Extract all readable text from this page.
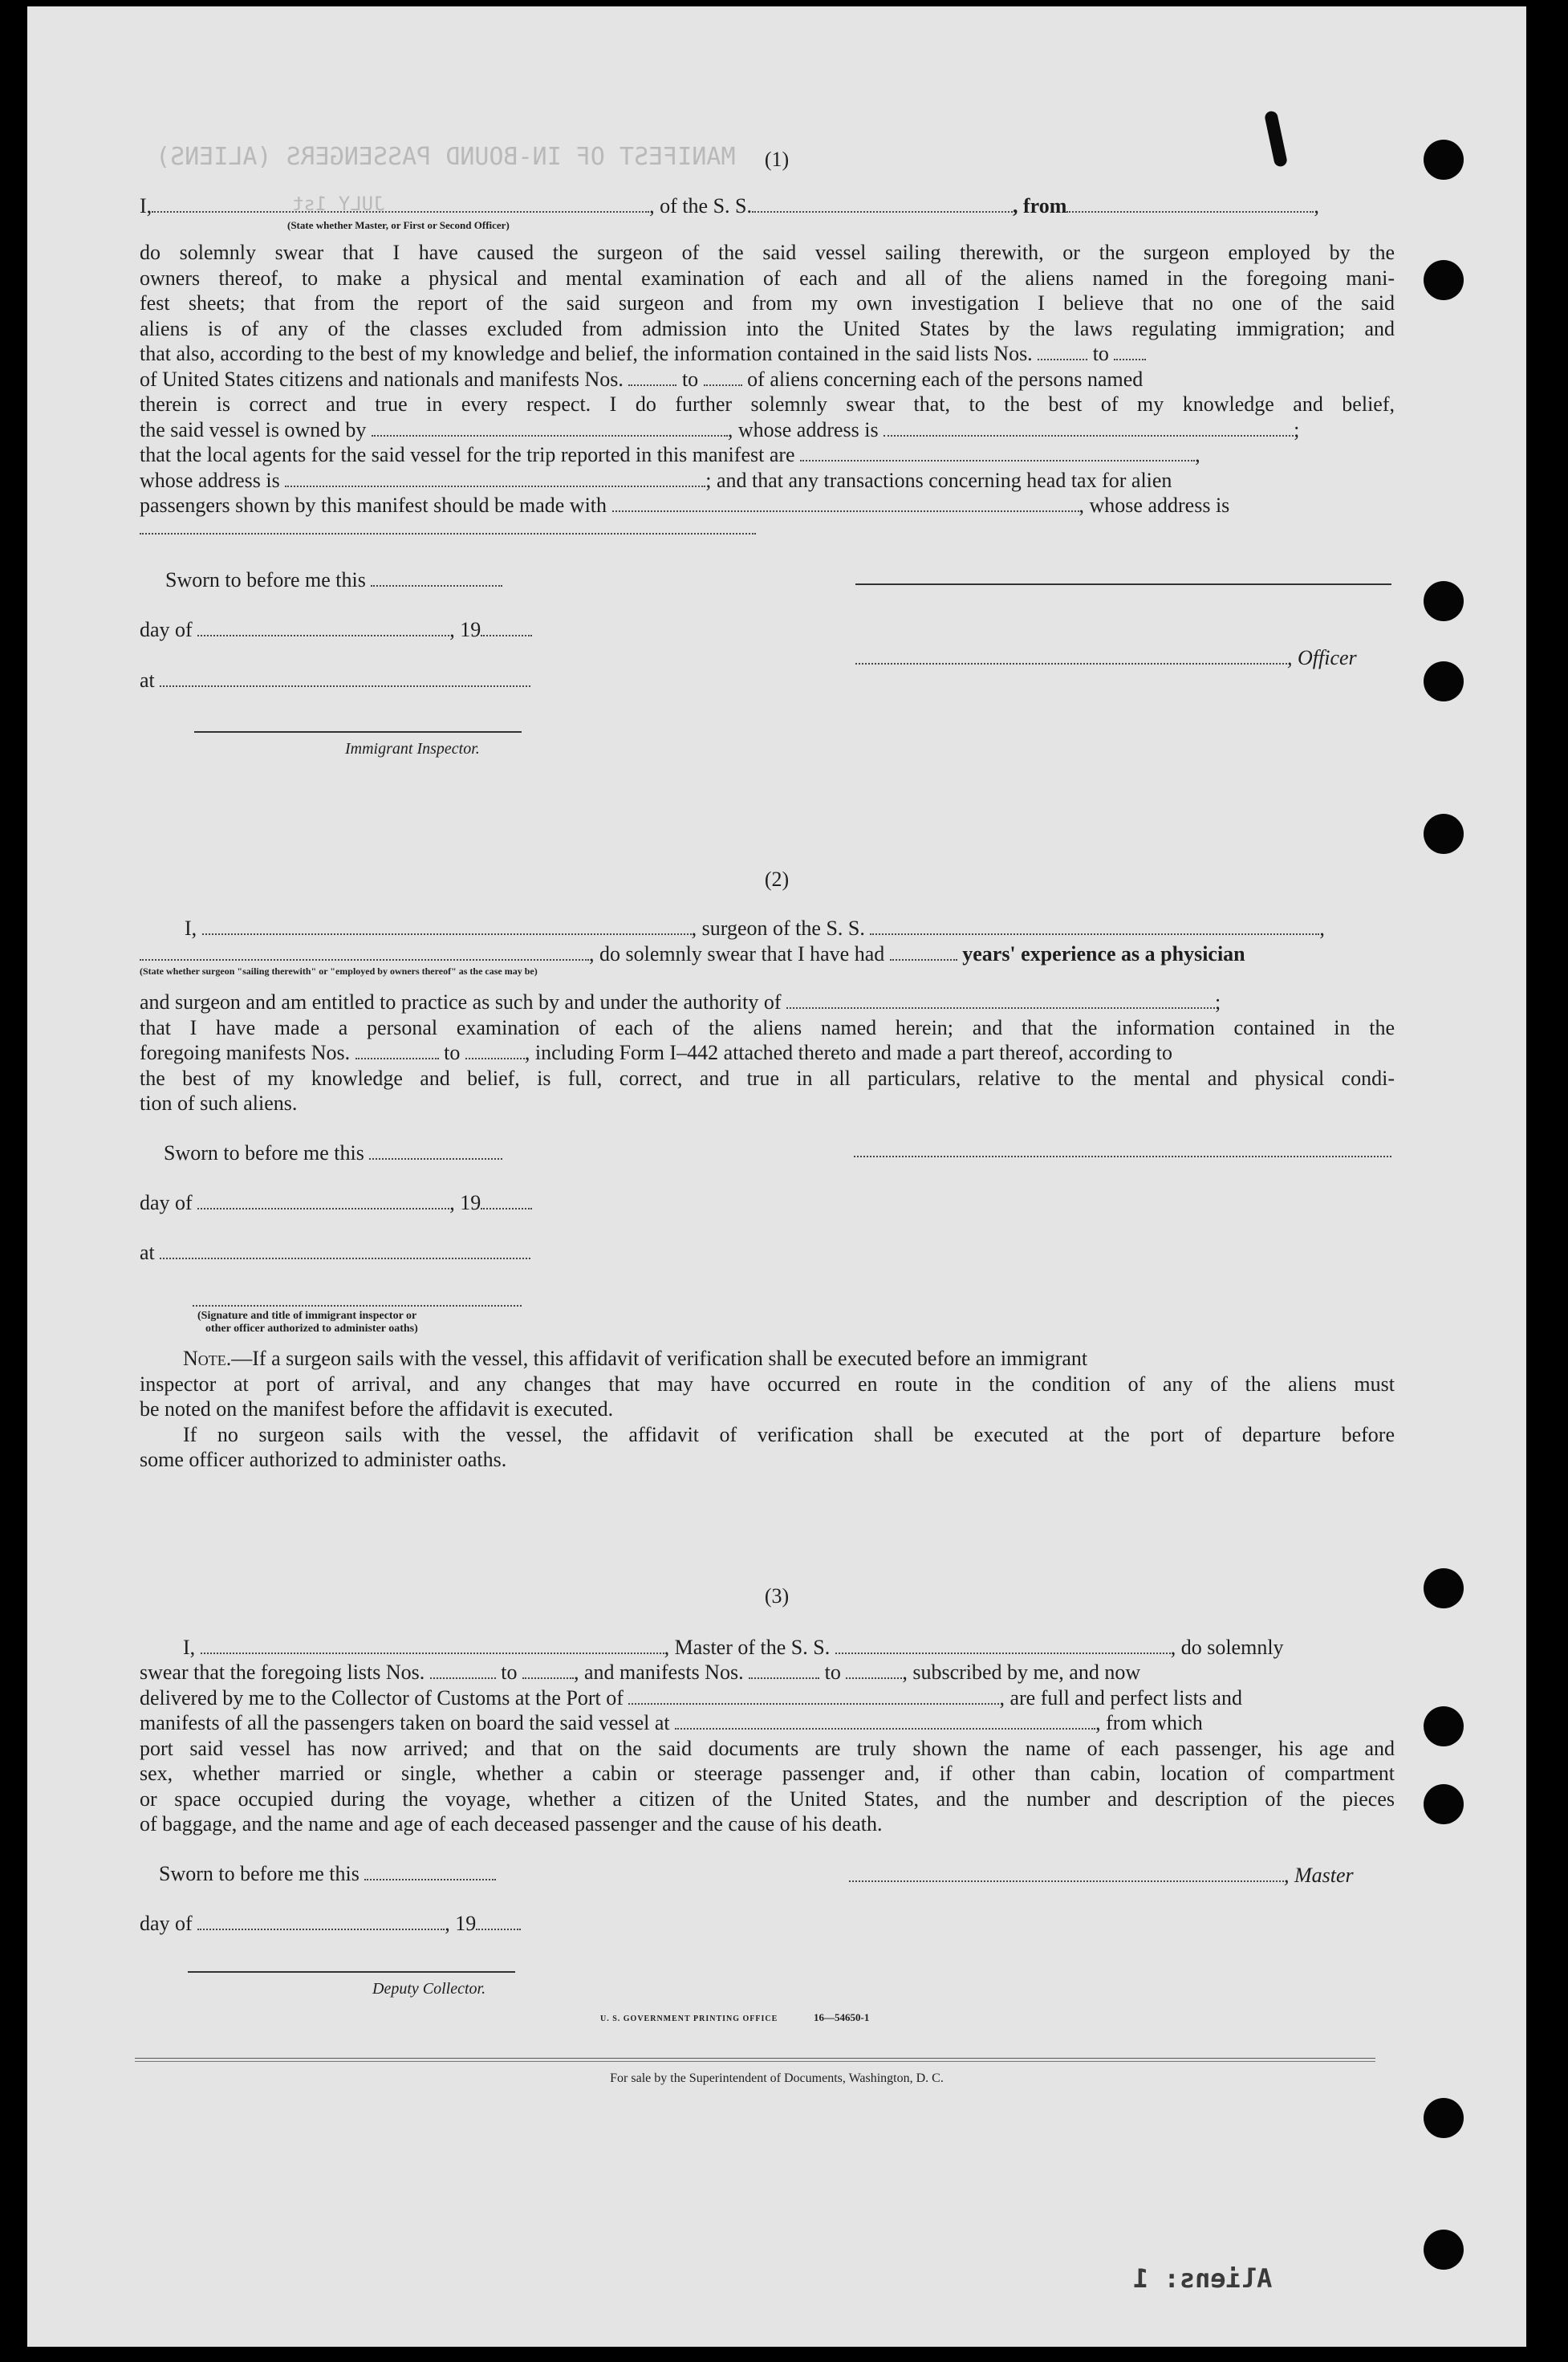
MANIFEST OF IN-BOUND PASSENGERS (ALIENS)
JULY 1st
(1)
I,	, of the S. S.	, from	,
(State whether Master, or First or Second Officer)
do solemnly swear that I have caused the surgeon of the said vessel sailing therewith, or the surgeon employed by the
owners thereof, to make a physical and mental examination of each and all of the aliens named in the foregoing mani-
fest sheets; that from the report of the said surgeon and from my own investigation I believe that no one of the said
aliens is of any of the classes excluded from admission into the United States by the laws regulating immigration; and
that also, according to the best of my knowledge and belief, the information contained in the said lists Nos.	to
of United States citizens and nationals and manifests Nos.	to of aliens concerning each of the persons named
therein is correct and true in every respect. I do further solemnly swear that, to the best of my knowledge and belief,
the said vessel is owned by	, whose address is	;
that the local agents for the said vessel for the trip reported in this manifest are	,
whose address is	; and that any transactions concerning head tax for alien
passengers shown by this manifest should be made with	, whose address is
Sworn to before me this
day of	, 19
, Officer
at
Immigrant Inspector.
(2)
I,	, surgeon of the S. S.	,
, do solemnly swear that I have had	years' experience as a physician
(State whether surgeon "sailing therewith" or "employed by owners thereof" as the case may be)
and surgeon and am entitled to practice as such by and under the authority of	;
that I have made a personal examination of each of the aliens named herein; and that the information contained in the
foregoing manifests Nos.	to	, including Form I–442 attached thereto and made a part thereof, according to
the best of my knowledge and belief, is full, correct, and true in all particulars, relative to the mental and physical condi-
tion of such aliens.
Sworn to before me this
day of	, 19
at
(Signature and title of immigrant inspector or
other officer authorized to administer oaths)
Note.—If a surgeon sails with the vessel, this affidavit of verification shall be executed before an immigrant
inspector at port of arrival, and any changes that may have occurred en route in the condition of any of the aliens must
be noted on the manifest before the affidavit is executed.
If no surgeon sails with the vessel, the affidavit of verification shall be executed at the port of departure before
some officer authorized to administer oaths.
(3)
I,	, Master of the S. S.	, do solemnly
swear that the foregoing lists Nos.	to	, and manifests Nos.	to	, subscribed by me, and now
delivered by me to the Collector of Customs at the Port of	, are full and perfect lists and
manifests of all the passengers taken on board the said vessel at	, from which
port said vessel has now arrived; and that on the said documents are truly shown the name of each passenger, his age and
sex, whether married or single, whether a cabin or steerage passenger and, if other than cabin, location of compartment
or space occupied during the voyage, whether a citizen of the United States, and the number and description of the pieces
of baggage, and the name and age of each deceased passenger and the cause of his death.
Sworn to before me this	, Master
day of	, 19
Deputy Collector.
U. S. GOVERNMENT PRINTING OFFICE	16—54650-1
For sale by the Superintendent of Documents, Washington, D. C.
Aliens: 1
